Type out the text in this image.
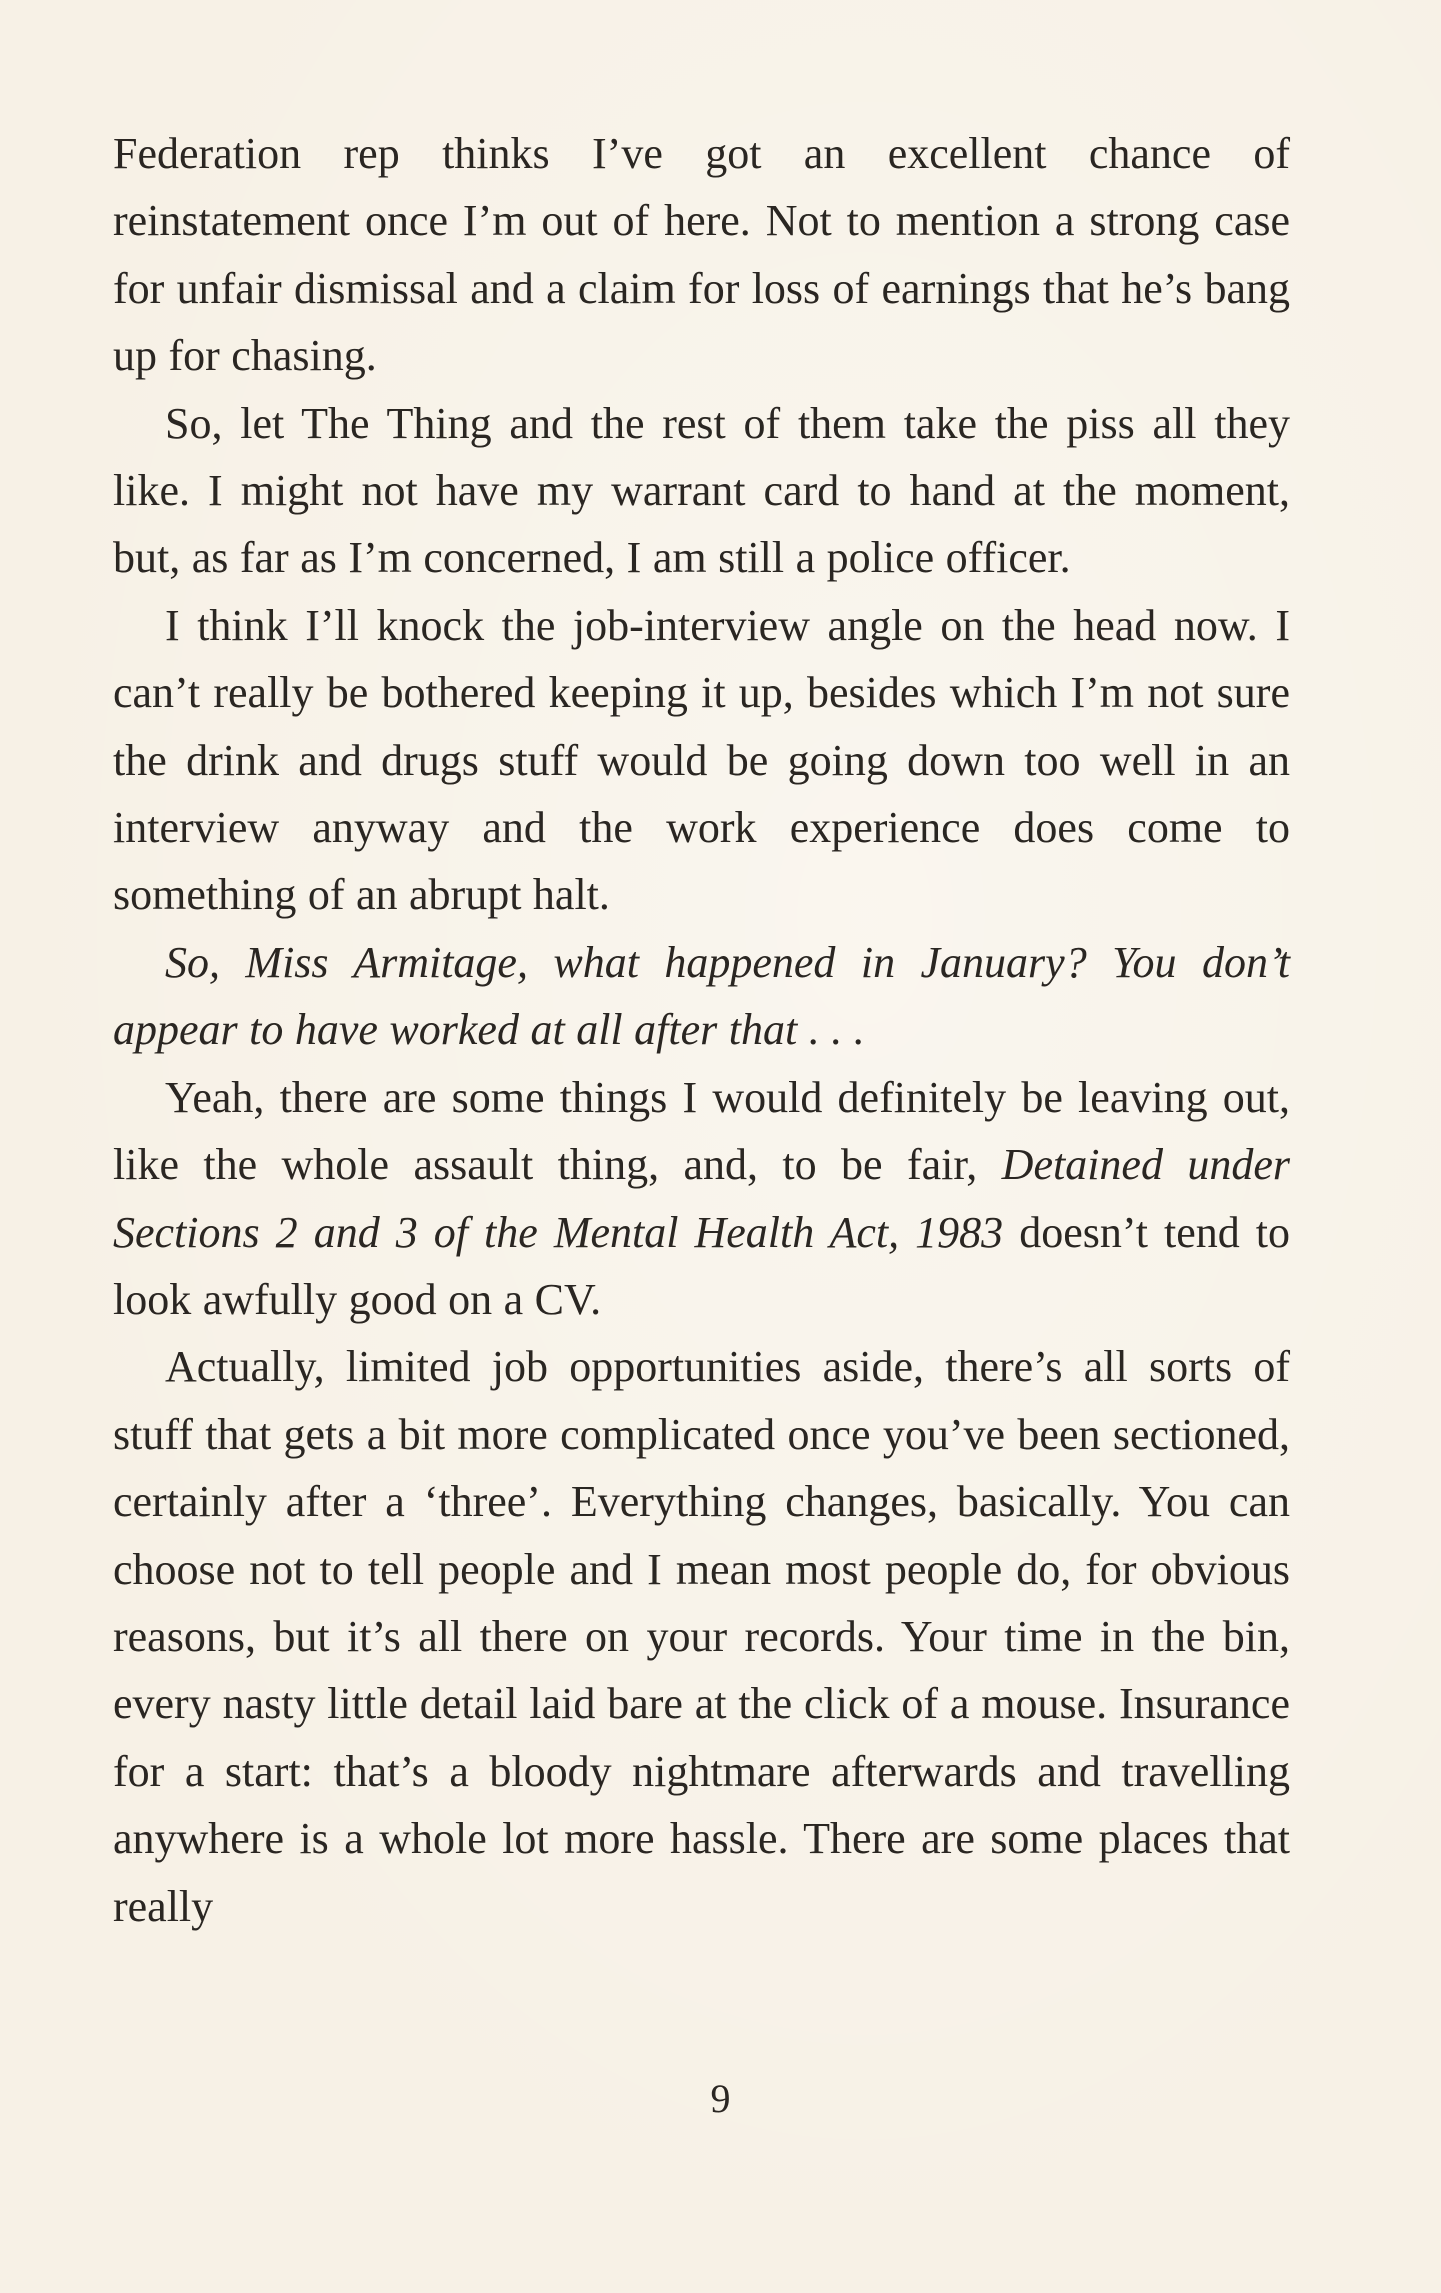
Federation rep thinks I’ve got an excellent chance of reinstatement once I’m out of here. Not to mention a strong case for unfair dismissal and a claim for loss of earnings that he’s bang up for chasing.

So, let The Thing and the rest of them take the piss all they like. I might not have my warrant card to hand at the moment, but, as far as I’m concerned, I am still a police officer.

I think I’ll knock the job-interview angle on the head now. I can’t really be bothered keeping it up, besides which I’m not sure the drink and drugs stuff would be going down too well in an interview anyway and the work experience does come to something of an abrupt halt.

So, Miss Armitage, what happened in January? You don’t appear to have worked at all after that . . .

Yeah, there are some things I would definitely be leaving out, like the whole assault thing, and, to be fair, Detained under Sections 2 and 3 of the Mental Health Act, 1983 doesn’t tend to look awfully good on a CV.

Actually, limited job opportunities aside, there’s all sorts of stuff that gets a bit more complicated once you’ve been sectioned, certainly after a ‘three’. Everything changes, basically. You can choose not to tell people and I mean most people do, for obvious reasons, but it’s all there on your records. Your time in the bin, every nasty little detail laid bare at the click of a mouse. Insurance for a start: that’s a bloody nightmare afterwards and travelling anywhere is a whole lot more hassle. There are some places that really

9
